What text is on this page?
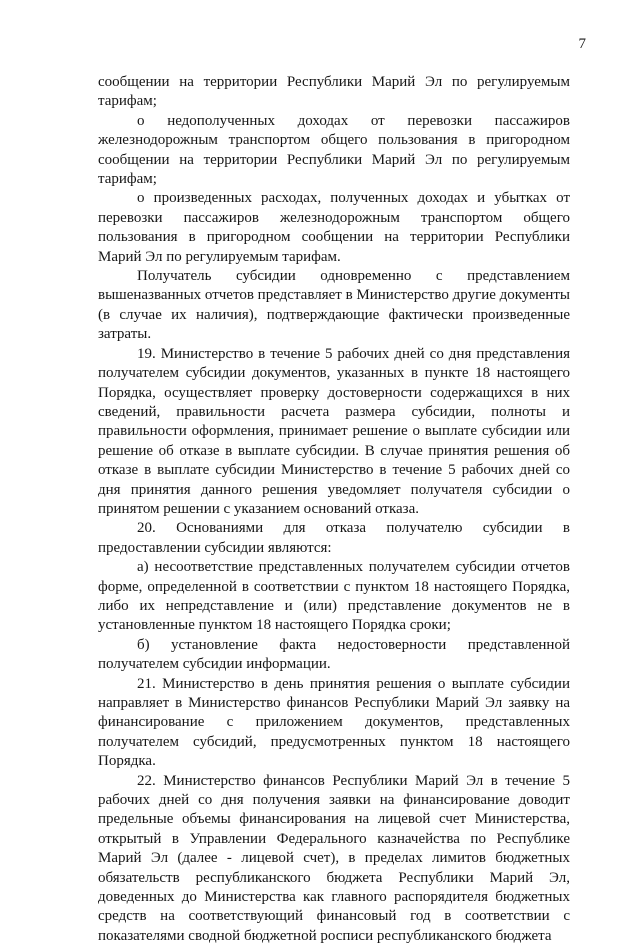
7

сообщении на территории Республики Марий Эл по регулируемым тарифам;

о недополученных доходах от перевозки пассажиров железнодорожным транспортом общего пользования в пригородном сообщении на территории Республики Марий Эл по регулируемым тарифам;

о произведенных расходах, полученных доходах и убытках от перевозки пассажиров железнодорожным транспортом общего пользования в пригородном сообщении на территории Республики Марий Эл по регулируемым тарифам.

Получатель субсидии одновременно с представлением вышеназванных отчетов представляет в Министерство другие документы (в случае их наличия), подтверждающие фактически произведенные затраты.

19. Министерство в течение 5 рабочих дней со дня представления получателем субсидии документов, указанных в пункте 18 настоящего Порядка, осуществляет проверку достоверности содержащихся в них сведений, правильности расчета размера субсидии, полноты и правильности оформления, принимает решение о выплате субсидии или решение об отказе в выплате субсидии. В случае принятия решения об отказе в выплате субсидии Министерство в течение 5 рабочих дней со дня принятия данного решения уведомляет получателя субсидии о принятом решении с указанием оснований отказа.

20. Основаниями для отказа получателю субсидии в предоставлении субсидии являются:

а) несоответствие представленных получателем субсидии отчетов форме, определенной в соответствии с пунктом 18 настоящего Порядка, либо их непредставление и (или) представление документов не в установленные пунктом 18 настоящего Порядка сроки;

б) установление факта недостоверности представленной получателем субсидии информации.

21. Министерство в день принятия решения о выплате субсидии направляет в Министерство финансов Республики Марий Эл заявку на финансирование с приложением документов, представленных получателем субсидий, предусмотренных пунктом 18 настоящего Порядка.

22. Министерство финансов Республики Марий Эл в течение 5 рабочих дней со дня получения заявки на финансирование доводит предельные объемы финансирования на лицевой счет Министерства, открытый в Управлении Федерального казначейства по Республике Марий Эл (далее - лицевой счет), в пределах лимитов бюджетных обязательств республиканского бюджета Республики Марий Эл, доведенных до Министерства как главного распорядителя бюджетных средств на соответствующий финансовый год в соответствии с показателями сводной бюджетной росписи республиканского бюджета
